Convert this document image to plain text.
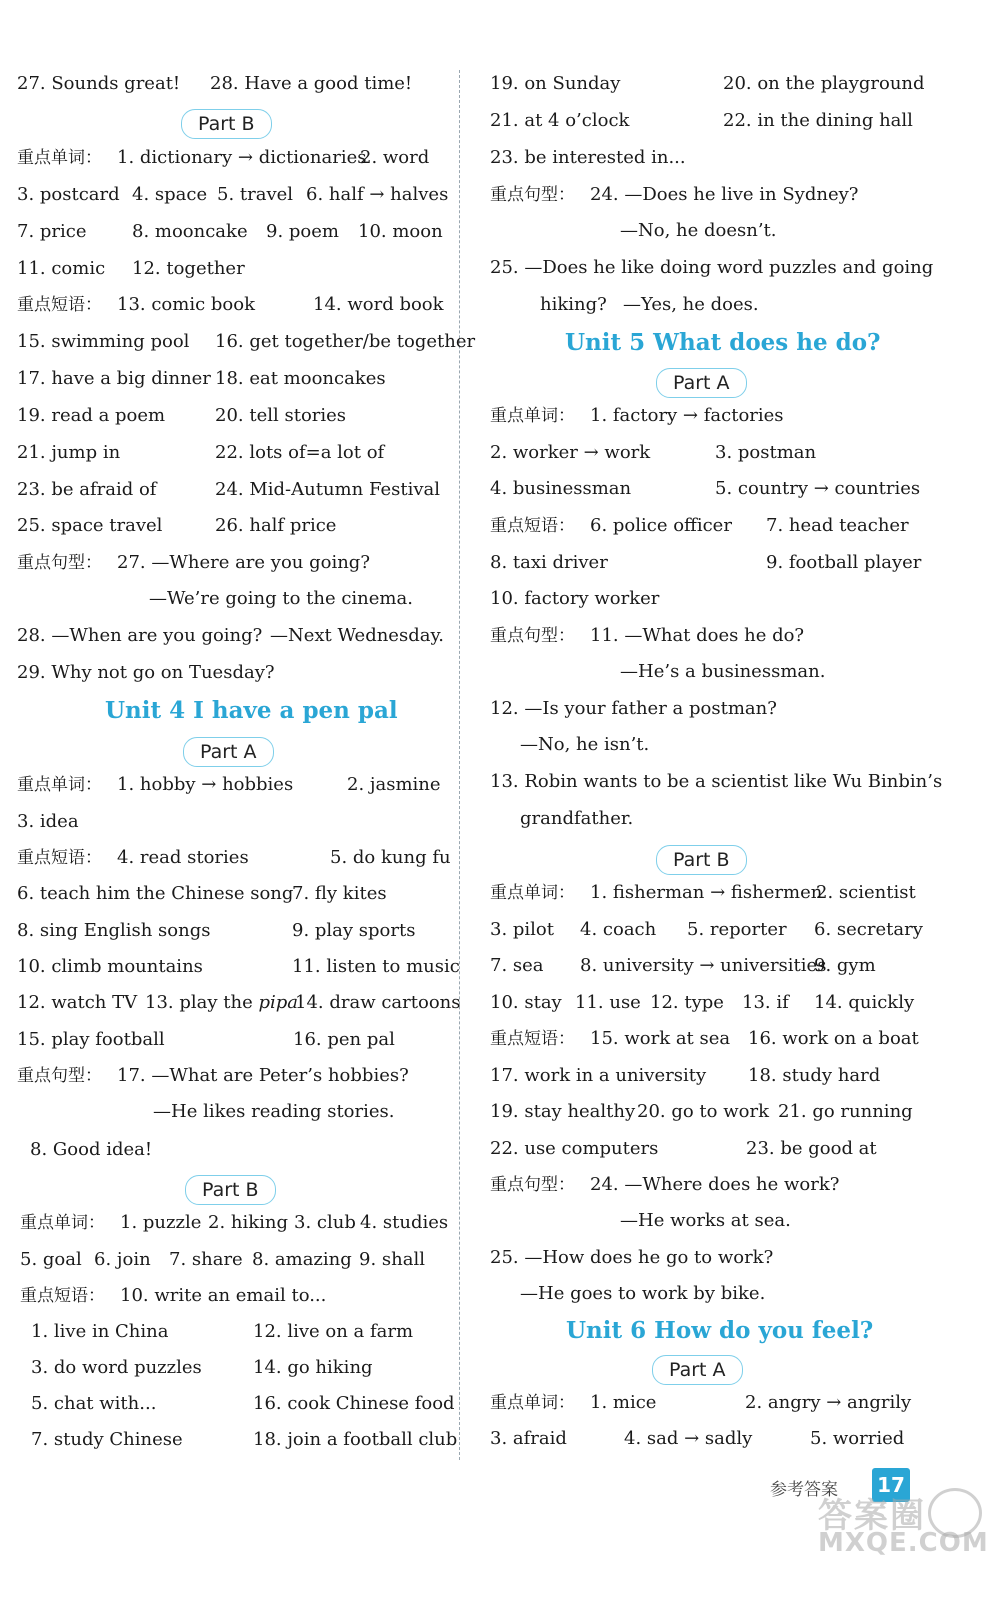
27. Sounds great! 28. Have a good time!
Part B
重点单词： 1. dictionary → dictionaries
2. word
3. postcard 4. space 5. travel 6. half → halves
7. price	8. mooncake 9. poem 10. moon
11. comic 12. together
重点短语： 13. comic book	14. word book
15. swimming pool 16. get together/be together
17. have a big dinner 18. eat mooncakes
19. read a poem	20. tell stories
21. jump in	22. lots of=a lot of
23. be afraid of	24. Mid-Autumn Festival
25. space travel	26. half price
重点句型： 27. —Where are you going?
—We’re going to the cinema.
28. —When are you going? —Next Wednesday.
29. Why not go on Tuesday?
Unit 4 I have a pen pal
Part A
重点单词： 1. hobby → hobbies	2. jasmine
3. idea
重点短语： 4. read stories	5. do kung fu
6. teach him the Chinese song
7. fly kites
8. sing English songs	9. play sports
10. climb mountains	11. listen to music
12. watch TV 13. play the pipa
14. draw cartoons
15. play football	16. pen pal
重点句型： 17. —What are Peter’s hobbies?
—He likes reading stories.
8. Good idea!
Part B
重点单词： 1. puzzle 2. hiking 3. club 4. studies
5. goal 6. join 7. share 8. amazing 9. shall
重点短语： 10. write an email to...
1. live in China	12. live on a farm
3. do word puzzles	14. go hiking
5. chat with...	16. cook Chinese food
7. study Chinese	18. join a football club
19. on Sunday	20. on the playground
21. at 4 o’clock	22. in the dining hall
23. be interested in...
重点句型： 24. —Does he live in Sydney?
—No, he doesn’t.
25. —Does he like doing word puzzles and going
hiking? —Yes, he does.
Unit 5 What does he do?
Part A
重点单词： 1. factory → factories
2. worker → work	3. postman
4. businessman	5. country → countries
重点短语： 6. police officer 7. head teacher
8. taxi driver	9. football player
10. factory worker
重点句型： 11. —What does he do?
—He’s a businessman.
12. —Is your father a postman?
—No, he isn’t.
13. Robin wants to be a scientist like Wu Binbin’s
grandfather.
Part B
重点单词： 1. fisherman → fishermen
2. scientist
3. pilot 4. coach 5. reporter 6. secretary
7. sea 8. university → universities
9. gym
10. stay 11. use 12. type 13. if 14. quickly
重点短语： 15. work at sea 16. work on a boat
17. work in a university 18. study hard
19. stay healthy 20. go to work 21. go running
22. use computers	23. be good at
重点句型： 24. —Where does he work?
—He works at sea.
25. —How does he go to work?
—He goes to work by bike.
Unit 6 How do you feel?
Part A
重点单词： 1. mice	2. angry → angrily
3. afraid	4. sad → sadly	5. worried
参考答案 17
答案圈
MXQE.COM
